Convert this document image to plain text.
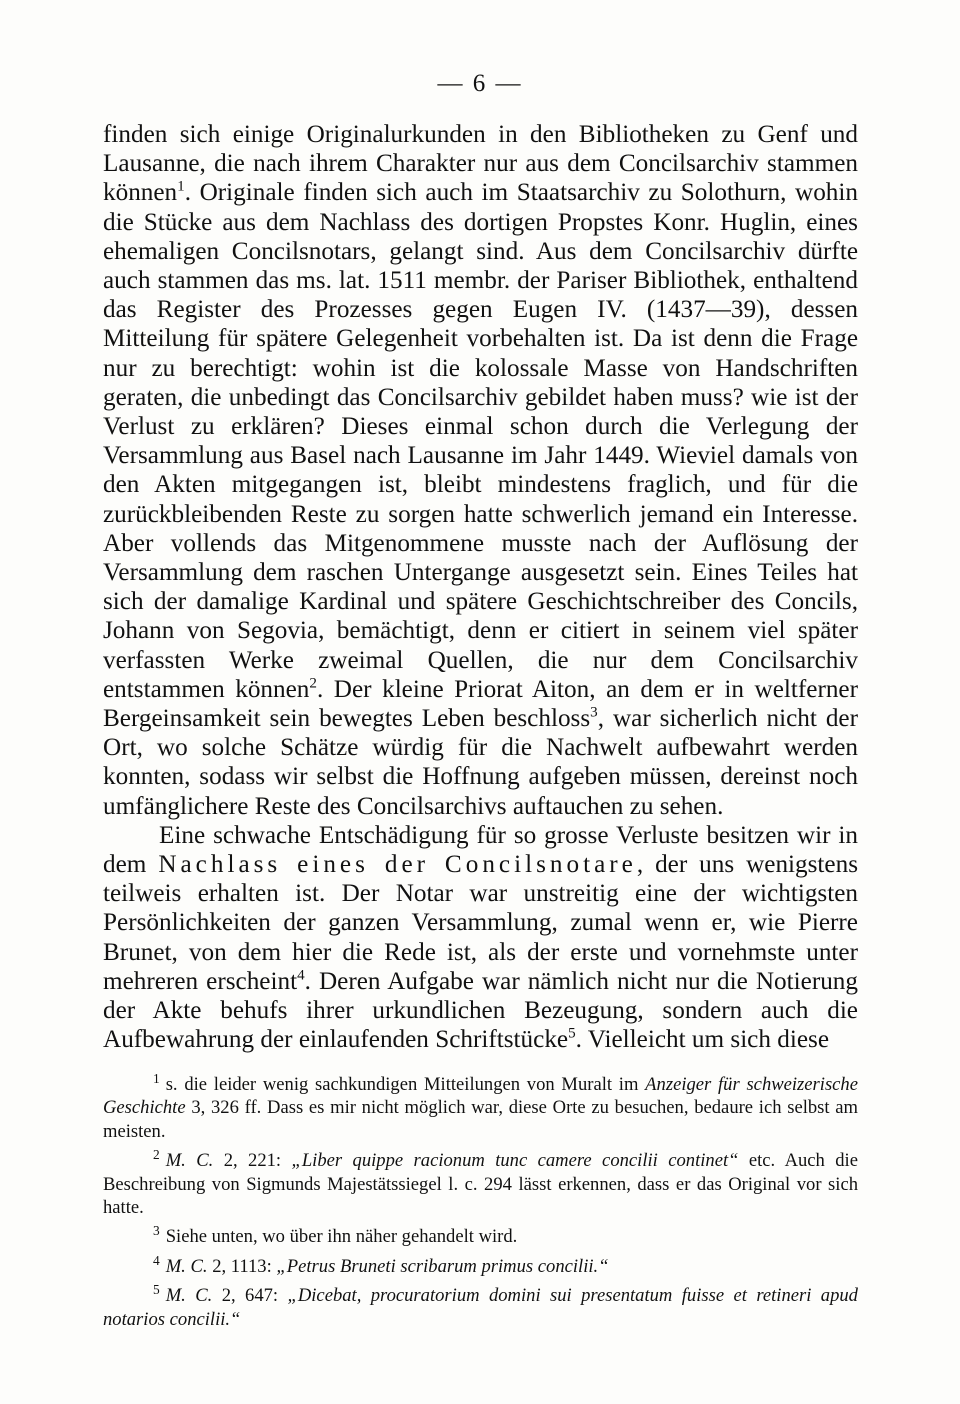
— 6 —

finden sich einige Originalurkunden in den Bibliotheken zu Genf und Lausanne, die nach ihrem Charakter nur aus dem Concilsarchiv stammen können$^1$. Originale finden sich auch im Staatsarchiv zu Solothurn, wohin die Stücke aus dem Nachlass des dortigen Propstes Konr. Huglin, eines ehemaligen Concilsnotars, gelangt sind. Aus dem Concilsarchiv dürfte auch stammen das ms. lat. 1511 membr. der Pariser Bibliothek, enthaltend das Register des Prozesses gegen Eugen IV. (1437—39), dessen Mitteilung für spätere Gelegenheit vorbehalten ist. Da ist denn die Frage nur zu berechtigt: wohin ist die kolossale Masse von Handschriften geraten, die unbedingt das Concilsarchiv gebildet haben muss? wie ist der Verlust zu erklären? Dieses einmal schon durch die Verlegung der Versammlung aus Basel nach Lausanne im Jahr 1449. Wieviel damals von den Akten mitgegangen ist, bleibt mindestens fraglich, und für die zurückbleibenden Reste zu sorgen hatte schwerlich jemand ein Interesse. Aber vollends das Mitgenommene musste nach der Auflösung der Versammlung dem raschen Untergange ausgesetzt sein. Eines Teiles hat sich der damalige Kardinal und spätere Geschichtschreiber des Concils, Johann von Segovia, bemächtigt, denn er citiert in seinem viel später verfassten Werke zweimal Quellen, die nur dem Concilsarchiv entstammen können$^2$. Der kleine Priorat Aiton, an dem er in weltferner Bergeinsamkeit sein bewegtes Leben beschloss$^3$, war sicherlich nicht der Ort, wo solche Schätze würdig für die Nachwelt aufbewahrt werden konnten, sodass wir selbst die Hoffnung aufgeben müssen, dereinst noch umfänglichere Reste des Concilsarchivs auftauchen zu sehen.

Eine schwache Entschädigung für so grosse Verluste besitzen wir in dem Nachlass eines der Concilsnotare, der uns wenigstens teilweis erhalten ist. Der Notar war unstreitig eine der wichtigsten Persönlichkeiten der ganzen Versammlung, zumal wenn er, wie Pierre Brunet, von dem hier die Rede ist, als der erste und vornehmste unter mehreren erscheint$^4$. Deren Aufgabe war nämlich nicht nur die Notierung der Akte behufs ihrer urkundlichen Bezeugung, sondern auch die Aufbewahrung der einlaufenden Schriftstücke$^5$. Vielleicht um sich diese

$^1$ s. die leider wenig sachkundigen Mitteilungen von Muralt im Anzeiger für schweizerische Geschichte 3, 326 ff. Dass es mir nicht möglich war, diese Orte zu besuchen, bedaure ich selbst am meisten.

$^2$ M. C. 2, 221: „Liber quippe racionum tunc camere concilii continet“ etc. Auch die Beschreibung von Sigmunds Majestätssiegel l. c. 294 lässt erkennen, dass er das Original vor sich hatte.

$^3$ Siehe unten, wo über ihn näher gehandelt wird.

$^4$ M. C. 2, 1113: „Petrus Bruneti scribarum primus concilii.“

$^5$ M. C. 2, 647: „Dicebat, procuratorium domini sui presentatum fuisse et retineri apud notarios concilii.“
